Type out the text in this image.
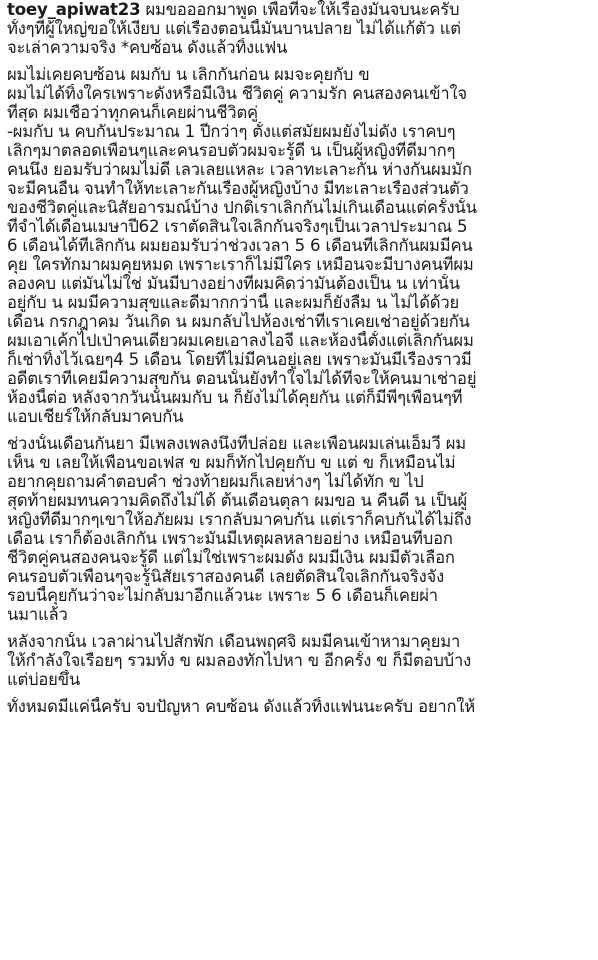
toey_apiwat23 ผมขอออกมาพูด เพื่อที่จะให้เรื่องมันจบนะครับ

ทั้งๆที่ผู้ใหญ่ขอให้เงียบ แต่เรื่องตอนนี้มันบานปลาย ไม่ได้แก้ตัว แต่

จะเล่าความจริง *คบซ้อน ดังแล้วทิ้งแฟน

ผมไม่เคยคบซ้อน ผมกับ น เลิกกันก่อน ผมจะคุยกับ ข

ผมไม่ได้ทิ้งใครเพราะดังหรือมีเงิน ชีวิตคู่ ความรัก คนสองคนเข้าใจ

ที่สุด ผมเชื่อว่าทุกคนก็เคยผ่านชีวิตคู่

-ผมกับ น คบกันประมาณ 1 ปีกว่าๆ ตั้งแต่สมัยผมยังไม่ดัง เราคบๆ

เลิกๆมาตลอดเพื่อนๆและคนรอบตัวผมจะรู้ดี น เป็นผู้หญิงที่ดีมากๆ

คนนึง ยอมรับว่าผมไม่ดี เลวเลยแหละ เวลาทะเลาะกัน ห่างกันผมมัก

จะมีคนอื่น จนทำให้ทะเลาะกันเรื่องผู้หญิงบ้าง มีทะเลาะเรื่องส่วนตัว

ของชีวิตคู่และนิสัยอารมณ์บ้าง ปกติเราเลิกกันไม่เกินเดือนแต่ครั้งนั้น

ที่จำได้เดือนเมษาปี62 เราตัดสินใจเลิกกันจริงๆเป็นเวลาประมาณ 5

6 เดือนได้ที่เลิกกัน ผมยอมรับว่าช่วงเวลา 5 6 เดือนที่เลิกกันผมมีคน

คุย ใครทักมาผมคุยหมด เพราะเราก็ไม่มีใคร เหมือนจะมีบางคนที่ผม

ลองคบ แต่มันไม่ใช่ มันมีบางอย่างที่ผมคิดว่ามันต้องเป็น น เท่านั้น

อยู่กับ น ผมมีความสุขและดีมากกว่านี้ และผมก็ยังลืม น ไม่ได้ด้วย

เดือน กรกฎาคม วันเกิด น ผมกลับไปห้องเช่าที่เราเคยเช่าอยู่ด้วยกัน

ผมเอาเค้กไปเป่าคนเดียวผมเคยเอาลงไอจี และห้องนี้ตั้งแต่เลิกกันผม

ก็เช่าทิ้งไว้เฉยๆ4 5 เดือน โดยที่ไม่มีคนอยู่เลย เพราะมันมีเรื่องราวมี

อดีตเราที่เคยมีความสุขกัน ตอนนั้นยังทำใจไม่ได้ที่จะให้คนมาเช่าอยู่

ห้องนี้ต่อ หลังจากวันนั้นผมกับ น ก็ยังไม่ได้คุยกัน แต่ก็มีพี่ๆเพื่อนๆที่

แอบเชียร์ให้กลับมาคบกัน

ช่วงนั้นเดือนกันยา มีเพลงเพลงนึงที่ปล่อย และเพื่อนผมเล่นเอ็มวี ผม

เห็น ข เลยให้เพื่อนขอเฟส ข ผมก็ทักไปคุยกับ ข แต่ ข ก็เหมือนไม่

อยากคุยถามคำตอบคำ ช่วงท้ายผมก็เลยห่างๆ ไม่ได้ทัก ข ไป

สุดท้ายผมทนความคิดถึงไม่ได้ ต้นเดือนตุลา ผมขอ น คืนดี น เป็นผู้

หญิงที่ดีมากๆเขาให้อภัยผม เรากลับมาคบกัน แต่เราก็คบกันได้ไม่ถึง

เดือน เราก็ต้องเลิกกัน เพราะมันมีเหตุผลหลายอย่าง เหมือนที่บอก

ชีวิตคู่คนสองคนจะรู้ดี แต่ไม่ใช่เพราะผมดัง ผมมีเงิน ผมมีตัวเลือก

คนรอบตัวเพื่อนๆจะรู้นิสัยเราสองคนดี เลยตัดสินใจเลิกกันจริงจัง

รอบนี้คุยกันว่าจะไม่กลับมาอีกแล้วนะ เพราะ 5 6 เดือนก็เคยผ่า

นมาแล้ว

หลังจากนั้น เวลาผ่านไปสักพัก เดือนพฤศจิ ผมมีคนเข้าหามาคุยมา

ให้กำลังใจเรื่อยๆ รวมทั้ง ข ผมลองทักไปหา ข อีกครั้ง ข ก็มีตอบบ้าง

แต่บ่อยขึ้น

ทั้งหมดมีแค่นี้ครับ จบปัญหา คบซ้อน ดังแล้วทิ้งแฟนนะครับ อยากให้
